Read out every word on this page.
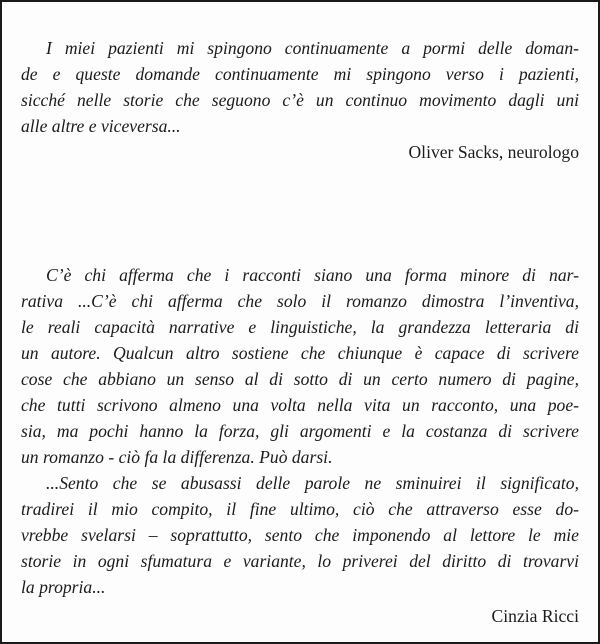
I miei pazienti mi spingono continuamente a pormi delle doman-

de e queste domande continuamente mi spingono verso i pazienti,

sicché nelle storie che seguono c’è un continuo movimento dagli uni

alle altre e viceversa...

Oliver Sacks, neurologo

C’è chi afferma che i racconti siano una forma minore di nar-

rativa ...C’è chi afferma che solo il romanzo dimostra l’inventiva,

le reali capacità narrative e linguistiche, la grandezza letteraria di

un autore. Qualcun altro sostiene che chiunque è capace di scrivere

cose che abbiano un senso al di sotto di un certo numero di pagine,

che tutti scrivono almeno una volta nella vita un racconto, una poe-

sia, ma pochi hanno la forza, gli argomenti e la costanza di scrivere

un romanzo - ciò fa la differenza. Può darsi.

...Sento che se abusassi delle parole ne sminuirei il significato,

tradirei il mio compito, il fine ultimo, ciò che attraverso esse do-

vrebbe svelarsi – soprattutto, sento che imponendo al lettore le mie

storie in ogni sfumatura e variante, lo priverei del diritto di trovarvi

la propria...

Cinzia Ricci
